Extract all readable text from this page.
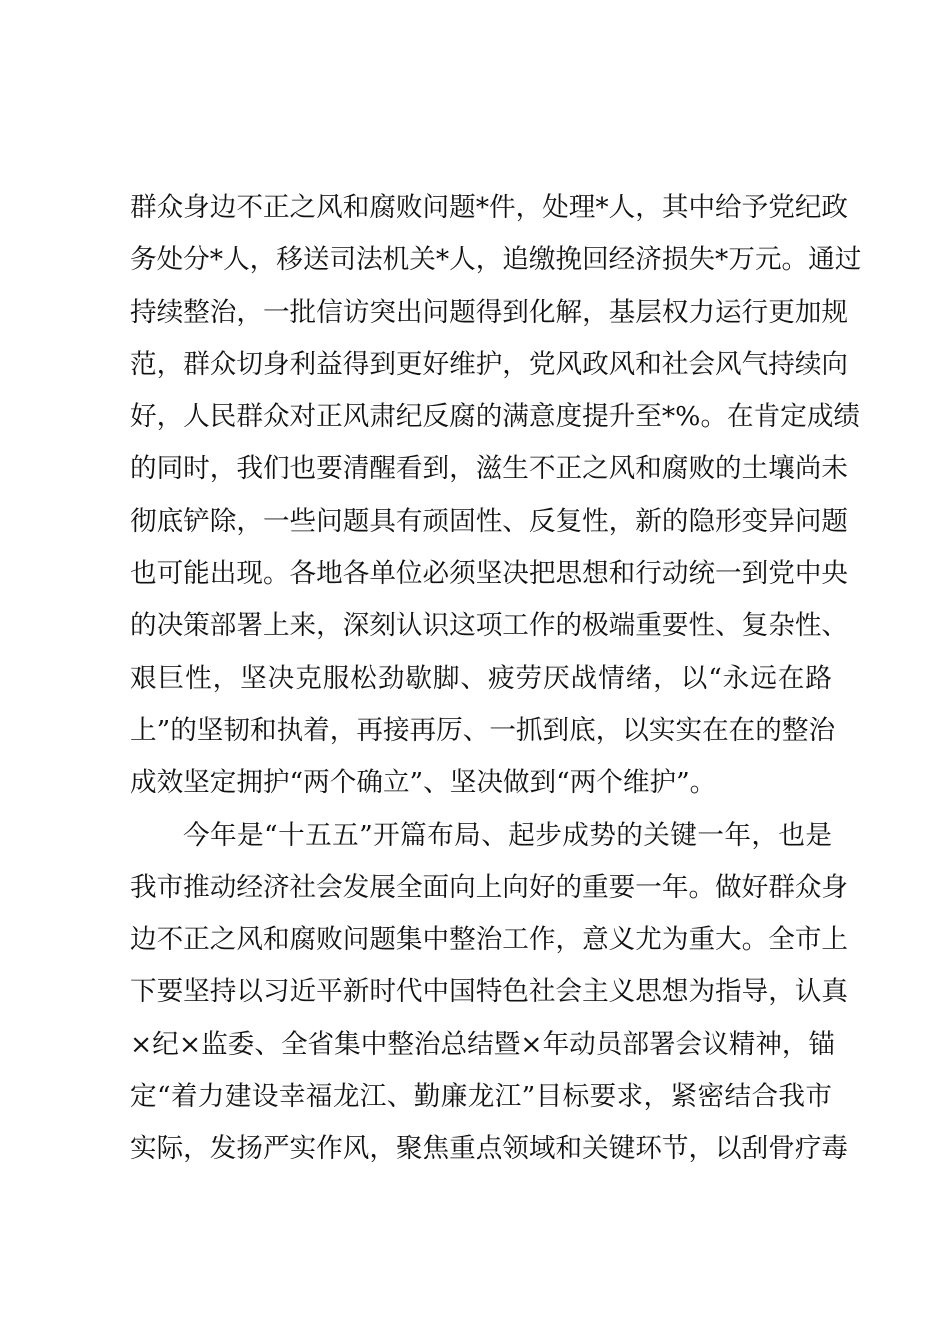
群众身边不正之风和腐败问题*件，处理*人，其中给予党纪政
务处分*人，移送司法机关*人，追缴挽回经济损失*万元。通过
持续整治，一批信访突出问题得到化解，基层权力运行更加规
范，群众切身利益得到更好维护，党风政风和社会风气持续向
好，人民群众对正风肃纪反腐的满意度提升至*%。在肯定成绩
的同时，我们也要清醒看到，滋生不正之风和腐败的土壤尚未
彻底铲除，一些问题具有顽固性、反复性，新的隐形变异问题
也可能出现。各地各单位必须坚决把思想和行动统一到党中央
的决策部署上来，深刻认识这项工作的极端重要性、复杂性、
艰巨性，坚决克服松劲歇脚、疲劳厌战情绪，以“永远在路
上”的坚韧和执着，再接再厉、一抓到底，以实实在在的整治
成效坚定拥护“两个确立”、坚决做到“两个维护”。
今年是“十五五”开篇布局、起步成势的关键一年，也是
我市推动经济社会发展全面向上向好的重要一年。做好群众身
边不正之风和腐败问题集中整治工作，意义尤为重大。全市上
下要坚持以习近平新时代中国特色社会主义思想为指导，认真
×纪×监委、全省集中整治总结暨×年动员部署会议精神，锚
定“着力建设幸福龙江、勤廉龙江”目标要求，紧密结合我市
实际，发扬严实作风，聚焦重点领域和关键环节，以刮骨疗毒
